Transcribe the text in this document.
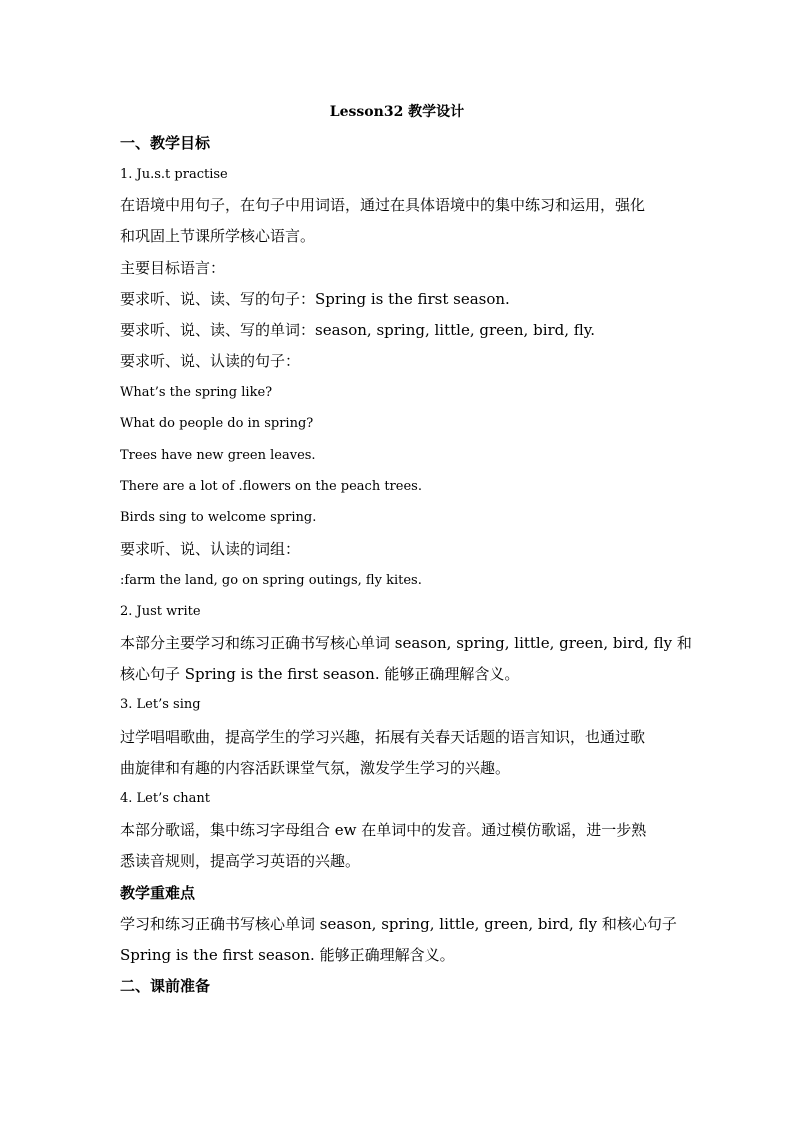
Lesson32 教学设计
一、教学目标
1. Ju.s.t practise
在语境中用句子，在句子中用词语，通过在具体语境中的集中练习和运用，强化
和巩固上节课所学核心语言。
主要目标语言：
要求听、说、读、写的句子：Spring is the first season.
要求听、说、读、写的单词：season, spring, little, green, bird, fly.
要求听、说、认读的句子：
What’s the spring like?
What do people do in spring?
Trees have new green leaves.
There are a lot of .flowers on the peach trees.
Birds sing to welcome spring.
要求听、说、认读的词组：
:farm the land, go on spring outings, fly kites.
2. Just write
本部分主要学习和练习正确书写核心单词 season, spring, little, green, bird, fly 和
核心句子 Spring is the first season. 能够正确理解含义。
3. Let’s sing
过学唱唱歌曲，提高学生的学习兴趣，拓展有关春天话题的语言知识，也通过歌
曲旋律和有趣的内容活跃课堂气氛，激发学生学习的兴趣。
4. Let’s chant
本部分歌谣，集中练习字母组合 ew 在单词中的发音。通过模仿歌谣，进一步熟
悉读音规则，提高学习英语的兴趣。
教学重难点
学习和练习正确书写核心单词 season, spring, little, green, bird, fly 和核心句子
Spring is the first season. 能够正确理解含义。
二、课前准备
